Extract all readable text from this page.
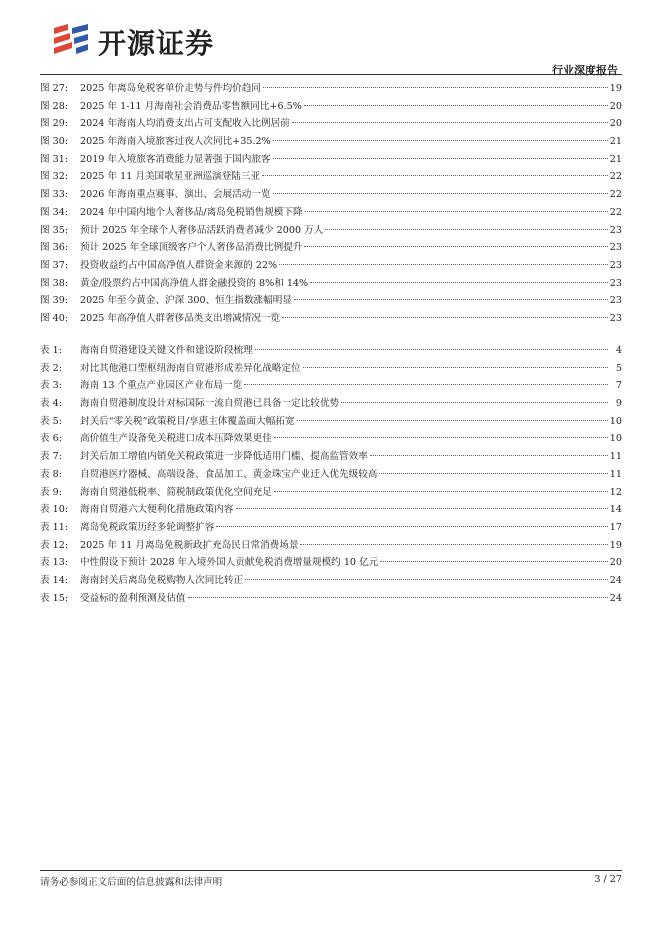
开源证券
行业深度报告
图 27:	2025 年离岛免税客单价走势与件均价趋同	19
图 28:	2025 年 1-11 月海南社会消费品零售额同比+6.5%	20
图 29:	2024 年海南人均消费支出占可支配收入比例居前	20
图 30:	2025 年海南入境旅客过夜人次同比+35.2%	21
图 31:	2019 年入境旅客消费能力显著强于国内旅客	21
图 32:	2025 年 11 月美国歌星亚洲巡演登陆三亚	22
图 33:	2026 年海南重点赛事、演出、会展活动一览	22
图 34:	2024 年中国内地个人奢侈品/离岛免税销售规模下降	22
图 35:	预计 2025 年全球个人奢侈品活跃消费者减少 2000 万人	23
图 36:	预计 2025 年全球顶级客户个人奢侈品消费比例提升	23
图 37:	投资收益约占中国高净值人群资金来源的 22%	23
图 38:	黄金/股票约占中国高净值人群金融投资的 8%和 14%	23
图 39:	2025 年至今黄金、沪深 300、恒生指数涨幅明显	23
图 40:	2025 年高净值人群奢侈品类支出增减情况一览	23
表 1:	海南自贸港建设关键文件和建设阶段梳理	4
表 2:	对比其他港口型枢纽海南自贸港形成差异化战略定位	5
表 3:	海南 13 个重点产业园区产业布局一览	7
表 4:	海南自贸港制度设计对标国际一流自贸港已具备一定比较优势	9
表 5:	封关后“零关税”政策税目/享惠主体覆盖面大幅拓宽	10
表 6:	高价值生产设备免关税进口成本压降效果更佳	10
表 7:	封关后加工增值内销免关税政策进一步降低适用门槛、提高监管效率	11
表 8:	自贸港医疗器械、高端设备、食品加工、黄金珠宝产业迁入优先级较高	11
表 9:	海南自贸港低税率、简税制政策优化空间充足	12
表 10:	海南自贸港六大便利化措施政策内容	14
表 11:	离岛免税政策历经多轮调整扩容	17
表 12:	2025 年 11 月离岛免税新政扩充岛民日常消费场景	19
表 13:	中性假设下预计 2028 年入境外国人贡献免税消费增量规模约 10 亿元	20
表 14:	海南封关后离岛免税购物人次同比转正	24
表 15:	受益标的盈利预测及估值	24
请务必参阅正文后面的信息披露和法律声明	3 / 27
